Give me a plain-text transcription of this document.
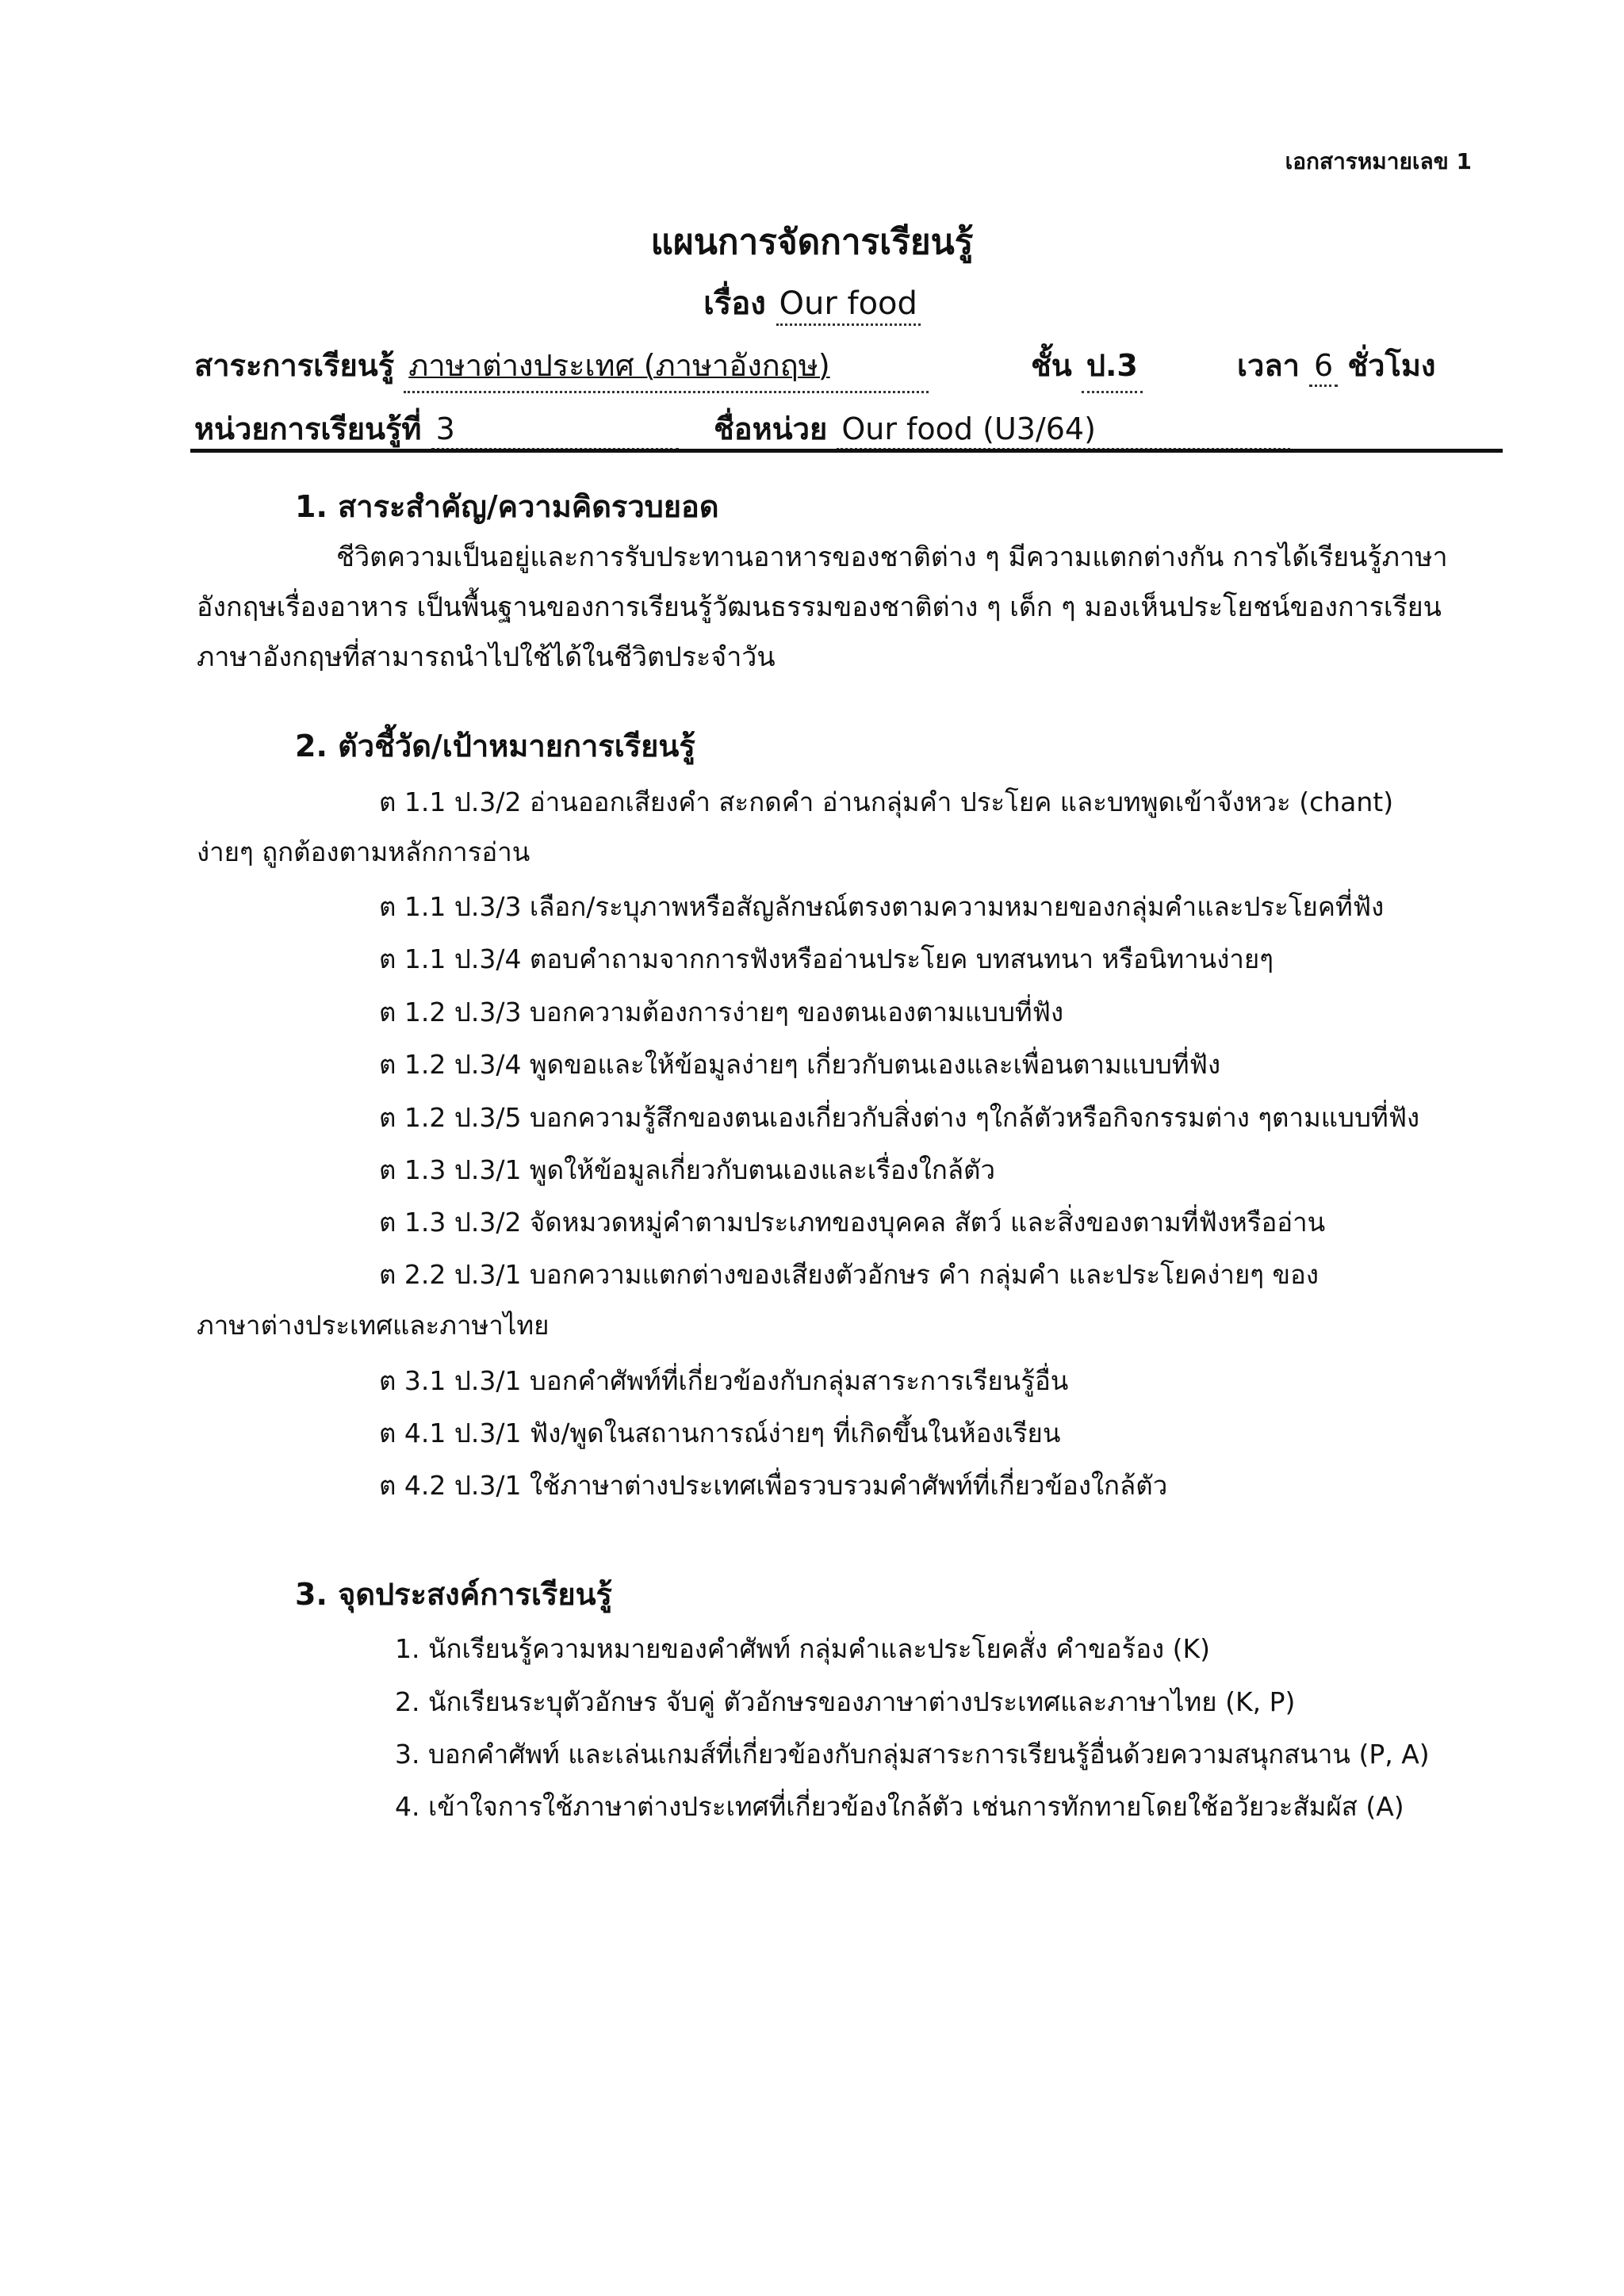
เอกสารหมายเลข 1
แผนการจัดการเรียนรู้
เรื่อง Our food
สาระการเรียนรู้ ภาษาต่างประเทศ (ภาษาอังกฤษ)	ชั้น ป.3	เวลา 6 ชั่วโมง
หน่วยการเรียนรู้ที่ 3	ชื่อหน่วย Our food (U3/64)
1. สาระสำคัญ/ความคิดรวบยอด
ชีวิตความเป็นอยู่และการรับประทานอาหารของชาติต่าง ๆ มีความแตกต่างกัน การได้เรียนรู้ภาษาอังกฤษเรื่องอาหาร เป็นพื้นฐานของการเรียนรู้วัฒนธรรมของชาติต่าง ๆ เด็ก ๆ มองเห็นประโยชน์ของการเรียนภาษาอังกฤษที่สามารถนำไปใช้ได้ในชีวิตประจำวัน
2. ตัวชี้วัด/เป้าหมายการเรียนรู้
ต 1.1 ป.3/2 อ่านออกเสียงคำ สะกดคำ อ่านกลุ่มคำ ประโยค และบทพูดเข้าจังหวะ (chant)
ง่ายๆ ถูกต้องตามหลักการอ่าน
ต 1.1 ป.3/3 เลือก/ระบุภาพหรือสัญลักษณ์ตรงตามความหมายของกลุ่มคำและประโยคที่ฟัง
ต 1.1 ป.3/4 ตอบคำถามจากการฟังหรืออ่านประโยค บทสนทนา หรือนิทานง่ายๆ
ต 1.2 ป.3/3 บอกความต้องการง่ายๆ ของตนเองตามแบบที่ฟัง
ต 1.2 ป.3/4 พูดขอและให้ข้อมูลง่ายๆ เกี่ยวกับตนเองและเพื่อนตามแบบที่ฟัง
ต 1.2 ป.3/5 บอกความรู้สึกของตนเองเกี่ยวกับสิ่งต่าง ๆใกล้ตัวหรือกิจกรรมต่าง ๆตามแบบที่ฟัง
ต 1.3 ป.3/1 พูดให้ข้อมูลเกี่ยวกับตนเองและเรื่องใกล้ตัว
ต 1.3 ป.3/2 จัดหมวดหมู่คำตามประเภทของบุคคล สัตว์ และสิ่งของตามที่ฟังหรืออ่าน
ต 2.2 ป.3/1 บอกความแตกต่างของเสียงตัวอักษร คำ กลุ่มคำ และประโยคง่ายๆ ของ
ภาษาต่างประเทศและภาษาไทย
ต 3.1 ป.3/1 บอกคำศัพท์ที่เกี่ยวข้องกับกลุ่มสาระการเรียนรู้อื่น
ต 4.1 ป.3/1 ฟัง/พูดในสถานการณ์ง่ายๆ ที่เกิดขึ้นในห้องเรียน
ต 4.2 ป.3/1 ใช้ภาษาต่างประเทศเพื่อรวบรวมคำศัพท์ที่เกี่ยวข้องใกล้ตัว
3. จุดประสงค์การเรียนรู้
1. นักเรียนรู้ความหมายของคำศัพท์ กลุ่มคำและประโยคสั่ง คำขอร้อง (K)
2. นักเรียนระบุตัวอักษร จับคู่ ตัวอักษรของภาษาต่างประเทศและภาษาไทย (K, P)
3. บอกคำศัพท์ และเล่นเกมส์ที่เกี่ยวข้องกับกลุ่มสาระการเรียนรู้อื่นด้วยความสนุกสนาน (P, A)
4. เข้าใจการใช้ภาษาต่างประเทศที่เกี่ยวข้องใกล้ตัว เช่นการทักทายโดยใช้อวัยวะสัมผัส (A)
